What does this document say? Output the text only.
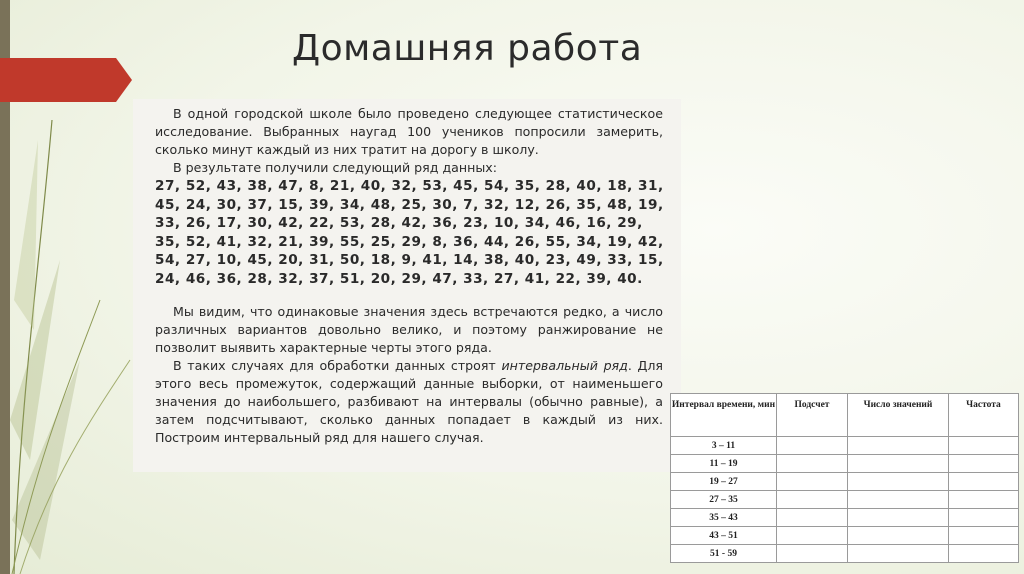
Домашняя работа

В одной городской школе было проведено следующее статистическое исследование. Выбранных наугад 100 учеников попросили замерить, сколько минут каждый из них тратит на дорогу в школу.

В результате получили следующий ряд данных:

27, 52, 43, 38, 47, 8, 21, 40, 32, 53, 45, 54, 35, 28, 40, 18, 31,
45, 24, 30, 37, 15, 39, 34, 48, 25, 30, 7, 32, 12, 26, 35, 48, 19,
33, 26, 17, 30, 42, 22, 53, 28, 42, 36, 23, 10, 34, 46, 16, 29,
35, 52, 41, 32, 21, 39, 55, 25, 29, 8, 36, 44, 26, 55, 34, 19, 42,
54, 27, 10, 45, 20, 31, 50, 18, 9, 41, 14, 38, 40, 23, 49, 33, 15,
24, 46, 36, 28, 32, 37, 51, 20, 29, 47, 33, 27, 41, 22, 39, 40.

Мы видим, что одинаковые значения здесь встречаются редко, а число различных вариантов довольно велико, и поэтому ранжирование не позволит выявить характерные черты этого ряда.

В таких случаях для обработки данных строят интервальный ряд. Для этого весь промежуток, содержащий данные выборки, от наименьшего значения до наибольшего, разбивают на интервалы (обычно равные), а затем подсчитывают, сколько данных попадает в каждый из них. Построим интервальный ряд для нашего случая.

Интервал времени, мин	Подсчет	Число значений	Частота
3 – 11			
11 – 19			
19 – 27			
27 – 35			
35 – 43			
43 – 51			
51 - 59			
